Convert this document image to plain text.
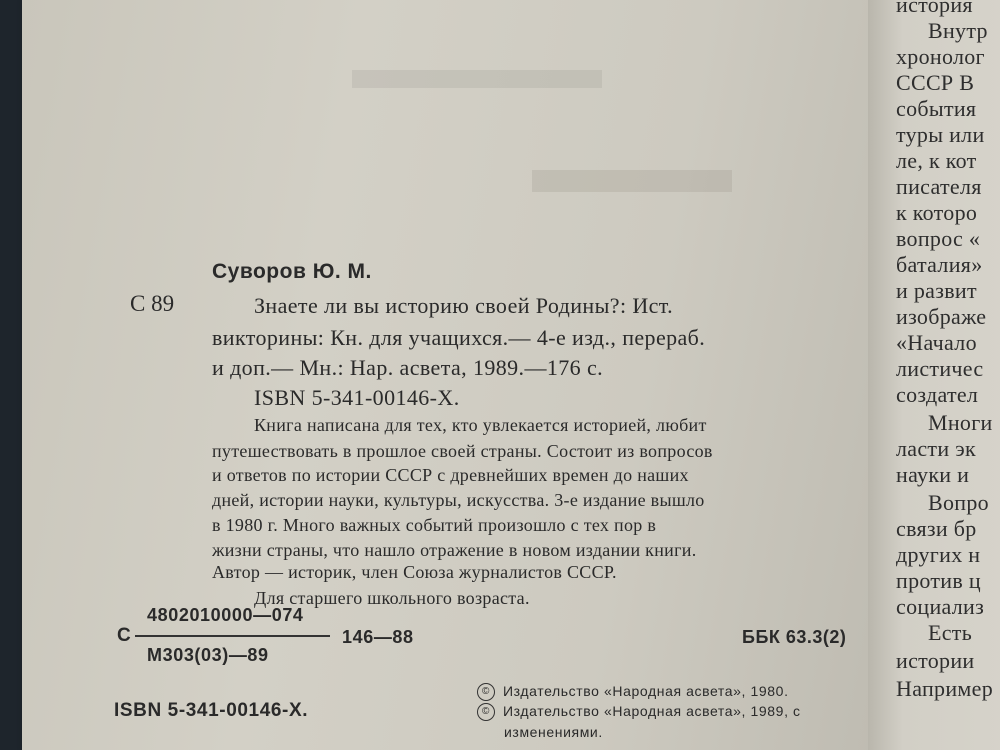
Суворов Ю. М.
С 89	Знаете ли вы историю своей Родины?: Ист.
викторины: Кн. для учащихся.— 4-е изд., перераб.
и доп.— Мн.: Нар. асвета, 1989.—176 с.
ISBN 5-341-00146-X.
Книга написана для тех, кто увлекается историей, любит
путешествовать в прошлое своей страны. Состоит из вопросов
и ответов по истории СССР с древнейших времен до наших
дней, истории науки, культуры, искусства. 3-е издание вышло
в 1980 г. Много важных событий произошло с тех пор в
жизни страны, что нашло отражение в новом издании книги.
Автор — историк, член Союза журналистов СССР.
Для старшего школьного возраста.
С
4802010000—074
М303(03)—89
146—88	ББК 63.3(2)
ISBN 5-341-00146-X.
© Издательство «Народная асвета», 1980.
© Издательство «Народная асвета», 1989, с
изменениями.
история
Внутр
хронолог
СССР В
события
туры или
ле, к кот
писателя
к которо
вопрос «
баталия»
и развит
изображе
«Начало
листичес
создател
Многи
ласти эк
науки и
Вопро
связи бр
других н
против ц
социализ
Есть
истории
Например
